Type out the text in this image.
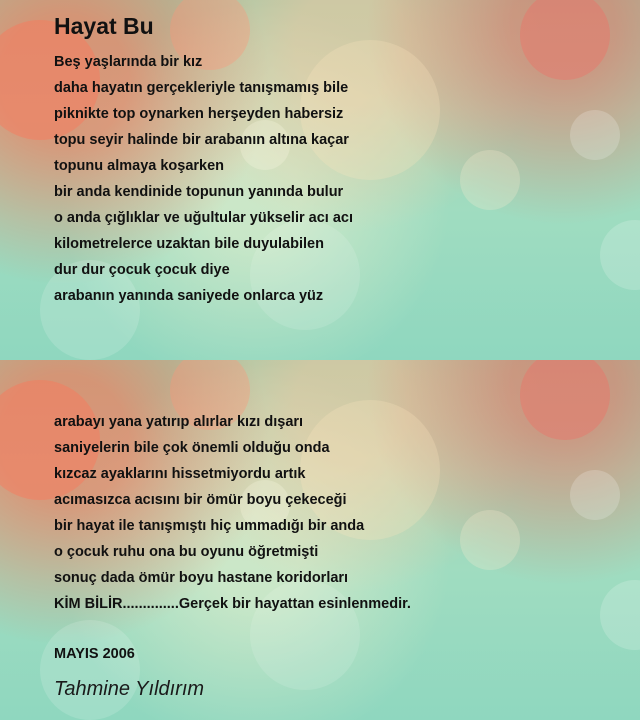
Hayat Bu
Beş yaşlarında bir kız
daha hayatın gerçekleriyle tanışmamış bile
piknikte top oynarken herşeyden habersiz
topu seyir halinde bir arabanın altına kaçar
topunu almaya koşarken
bir anda kendinide topunun yanında bulur
o anda çığlıklar ve uğultular yükselir acı acı
kilometrelerce uzaktan bile duyulabilen
dur dur çocuk çocuk diye
arabanın yanında saniyede onlarca yüz
arabayı yana yatırıp alırlar kızı dışarı
saniyelerin bile çok önemli olduğu onda
kızcaz ayaklarını hissetmiyordu artık
acımasızca acısını bir ömür boyu çekeceği
bir hayat ile tanışmıştı hiç ummadığı bir anda
o çocuk ruhu ona bu oyunu öğretmişti
sonuç dada ömür boyu hastane koridorları
KİM BİLİR..............Gerçek bir hayattan esinlenmedir.

MAYIS 2006

Tahmine Yıldırım
